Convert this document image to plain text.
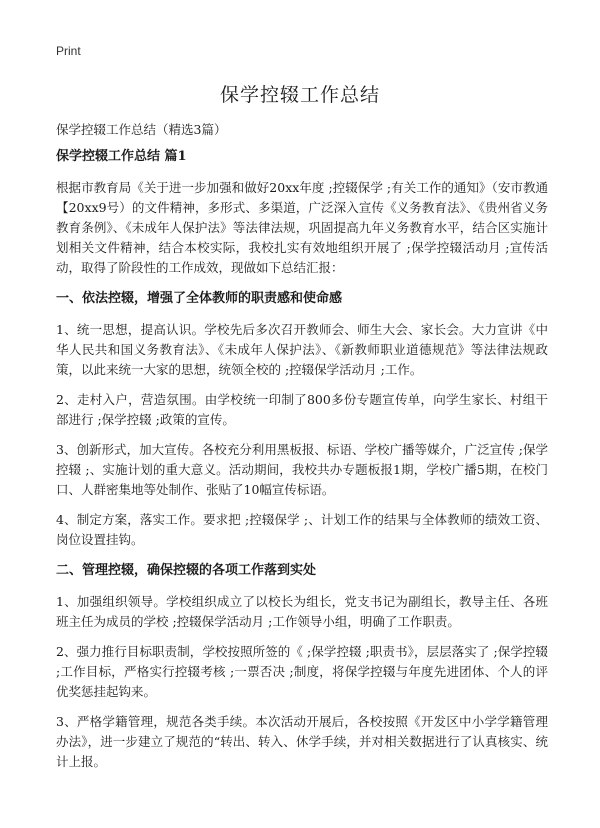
Print
保学控辍工作总结

保学控辍工作总结（精选3篇）

保学控辍工作总结 篇1

根据市教育局《关于进一步加强和做好20xx年度 ;控辍保学 ;有关工作的通知》（安市教通【20xx9号）的文件精神，多形式、多渠道，广泛深入宣传《义务教育法》、《贵州省义务教育条例》、《未成年人保护法》等法律法规，巩固提高九年义务教育水平，结合区实施计划相关文件精神，结合本校实际，我校扎实有效地组织开展了 ;保学控辍活动月 ;宣传活动，取得了阶段性的工作成效，现做如下总结汇报：

一、依法控辍，增强了全体教师的职责感和使命感

1、统一思想，提高认识。学校先后多次召开教师会、师生大会、家长会。大力宣讲《中华人民共和国义务教育法》、《未成年人保护法》、《新教师职业道德规范》等法律法规政策，以此来统一大家的思想，统领全校的 ;控辍保学活动月 ;工作。

2、走村入户，营造氛围。由学校统一印制了800多份专题宣传单，向学生家长、村组干部进行 ;保学控辍 ;政策的宣传。

3、创新形式，加大宣传。各校充分利用黑板报、标语、学校广播等媒介，广泛宣传 ;保学控辍 ;、实施计划的重大意义。活动期间，我校共办专题板报1期，学校广播5期，在校门口、人群密集地等处制作、张贴了10幅宣传标语。

4、制定方案，落实工作。要求把 ;控辍保学 ;、计划工作的结果与全体教师的绩效工资、岗位设置挂钩。

二、管理控辍，确保控辍的各项工作落到实处

1、加强组织领导。学校组织成立了以校长为组长，党支书记为副组长，教导主任、各班班主任为成员的学校 ;控辍保学活动月 ;工作领导小组，明确了工作职责。

2、强力推行目标职责制，学校按照所签的《 ;保学控辍 ;职责书》，层层落实了 ;保学控辍 ;工作目标，严格实行控辍考核 ;一票否决 ;制度，将保学控辍与年度先进团体、个人的评优奖惩挂起钩来。

3、严格学籍管理，规范各类手续。本次活动开展后，各校按照《开发区中小学学籍管理办法》，进一步建立了规范的“转出、转入、休学手续，并对相关数据进行了认真核实、统计上报。
